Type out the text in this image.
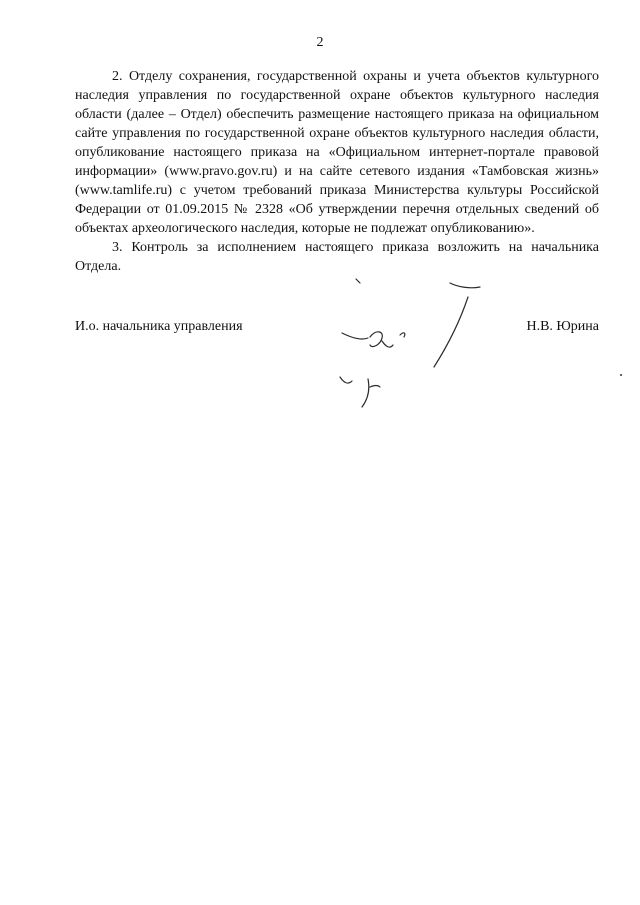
2

2. Отделу сохранения, государственной охраны и учета объектов культурного наследия управления по государственной охране объектов культурного наследия области (далее – Отдел) обеспечить размещение настоящего приказа на официальном сайте управления по государственной охране объектов культурного наследия области, опубликование настоящего приказа на «Официальном интернет-портале правовой информации» (www.pravo.gov.ru) и на сайте сетевого издания «Тамбовская жизнь» (www.tamlife.ru) с учетом требований приказа Министерства культуры Российской Федерации от 01.09.2015 № 2328 «Об утверждении перечня отдельных сведений об объектах археологического наследия, которые не подлежат опубликованию».

3. Контроль за исполнением настоящего приказа возложить на начальника Отдела.

И.о. начальника управления	Н.В. Юрина
